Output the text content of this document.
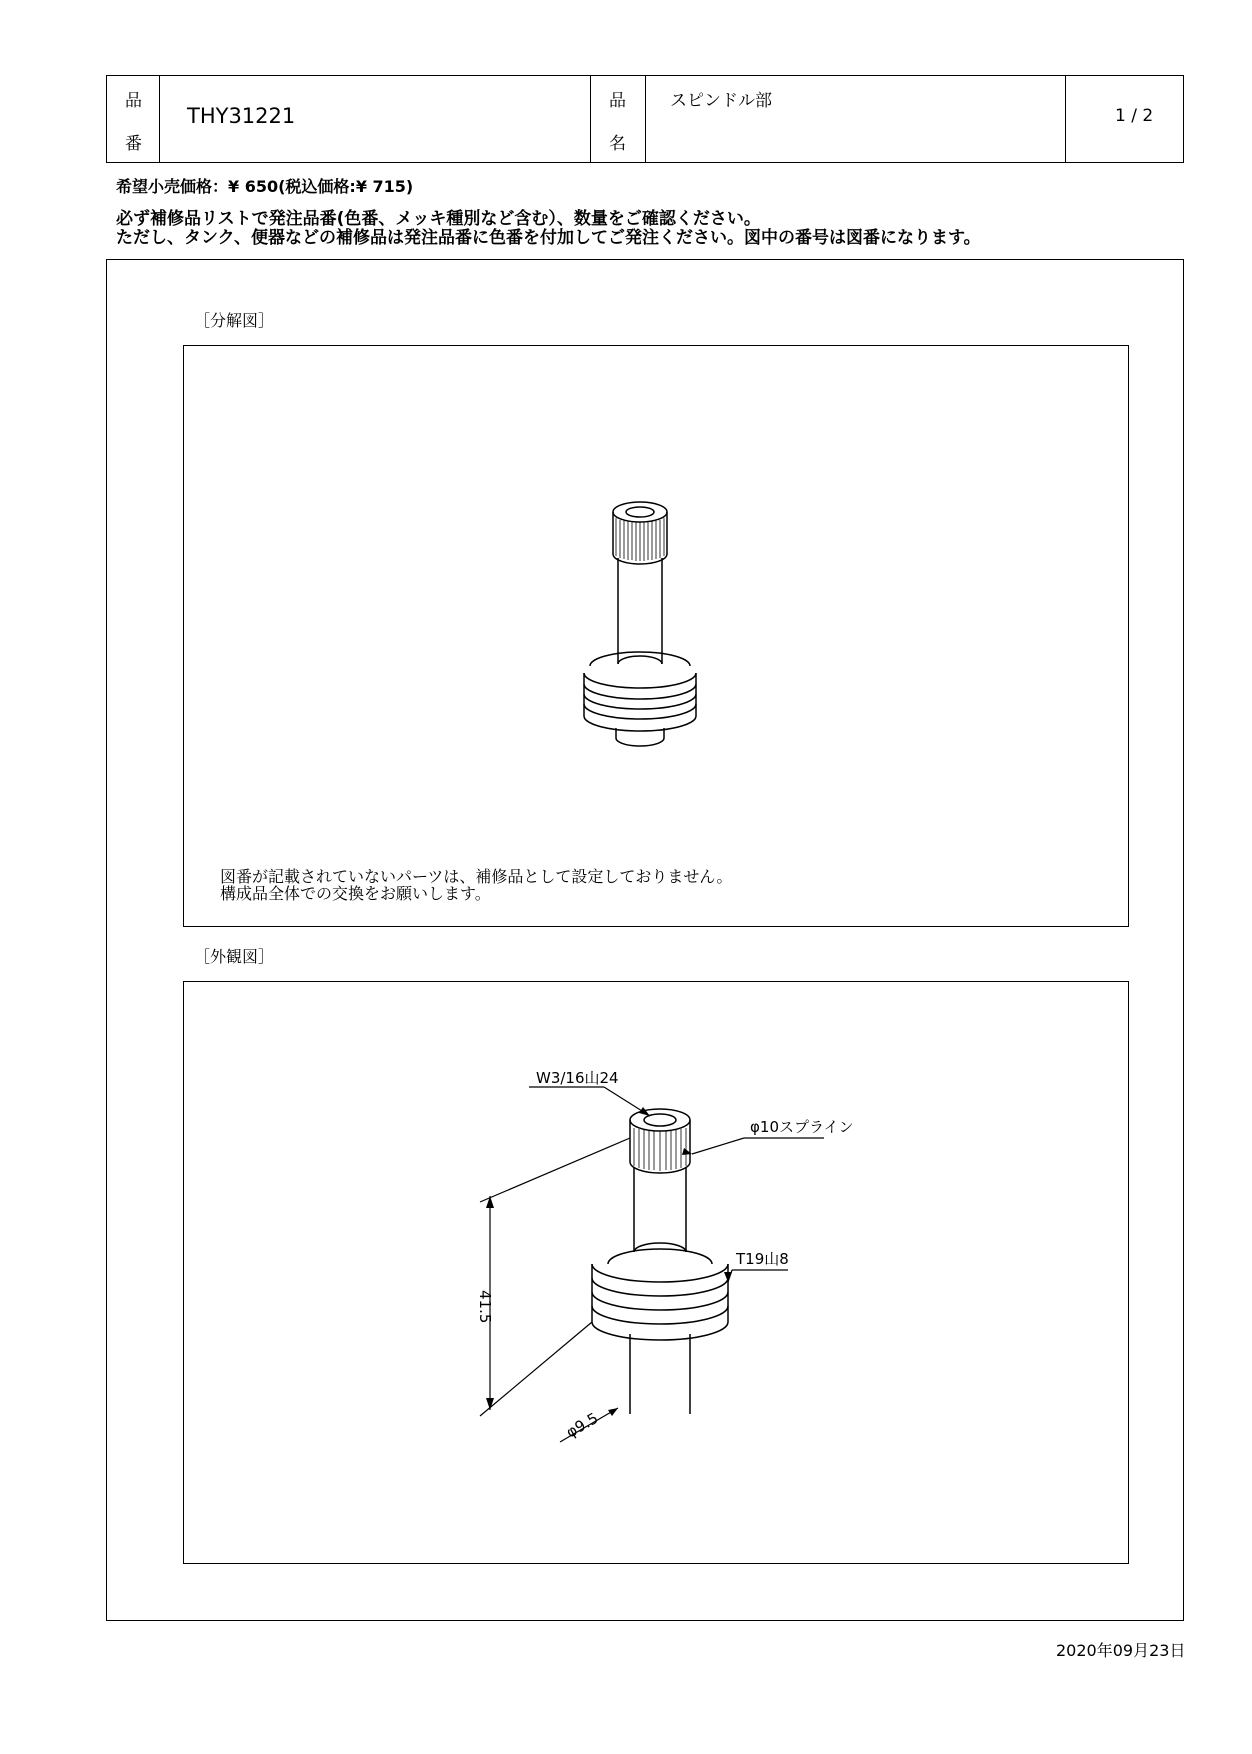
品
番
THY31221
品
名
スピンドル部
1 / 2
希望小売価格：¥ 650(税込価格:¥ 715)
必ず補修品リストで発注品番(色番、メッキ種別など含む）、数量をご確認ください。
ただし、タンク、便器などの補修品は発注品番に色番を付加してご発注ください。図中の番号は図番になります。
［分解図］
図番が記載されていないパーツは、補修品として設定しておりません。
構成品全体での交換をお願いします。
［外観図］
W3/16山24
φ10スプライン
41.5
T19山8
φ9.5
2020年09月23日
